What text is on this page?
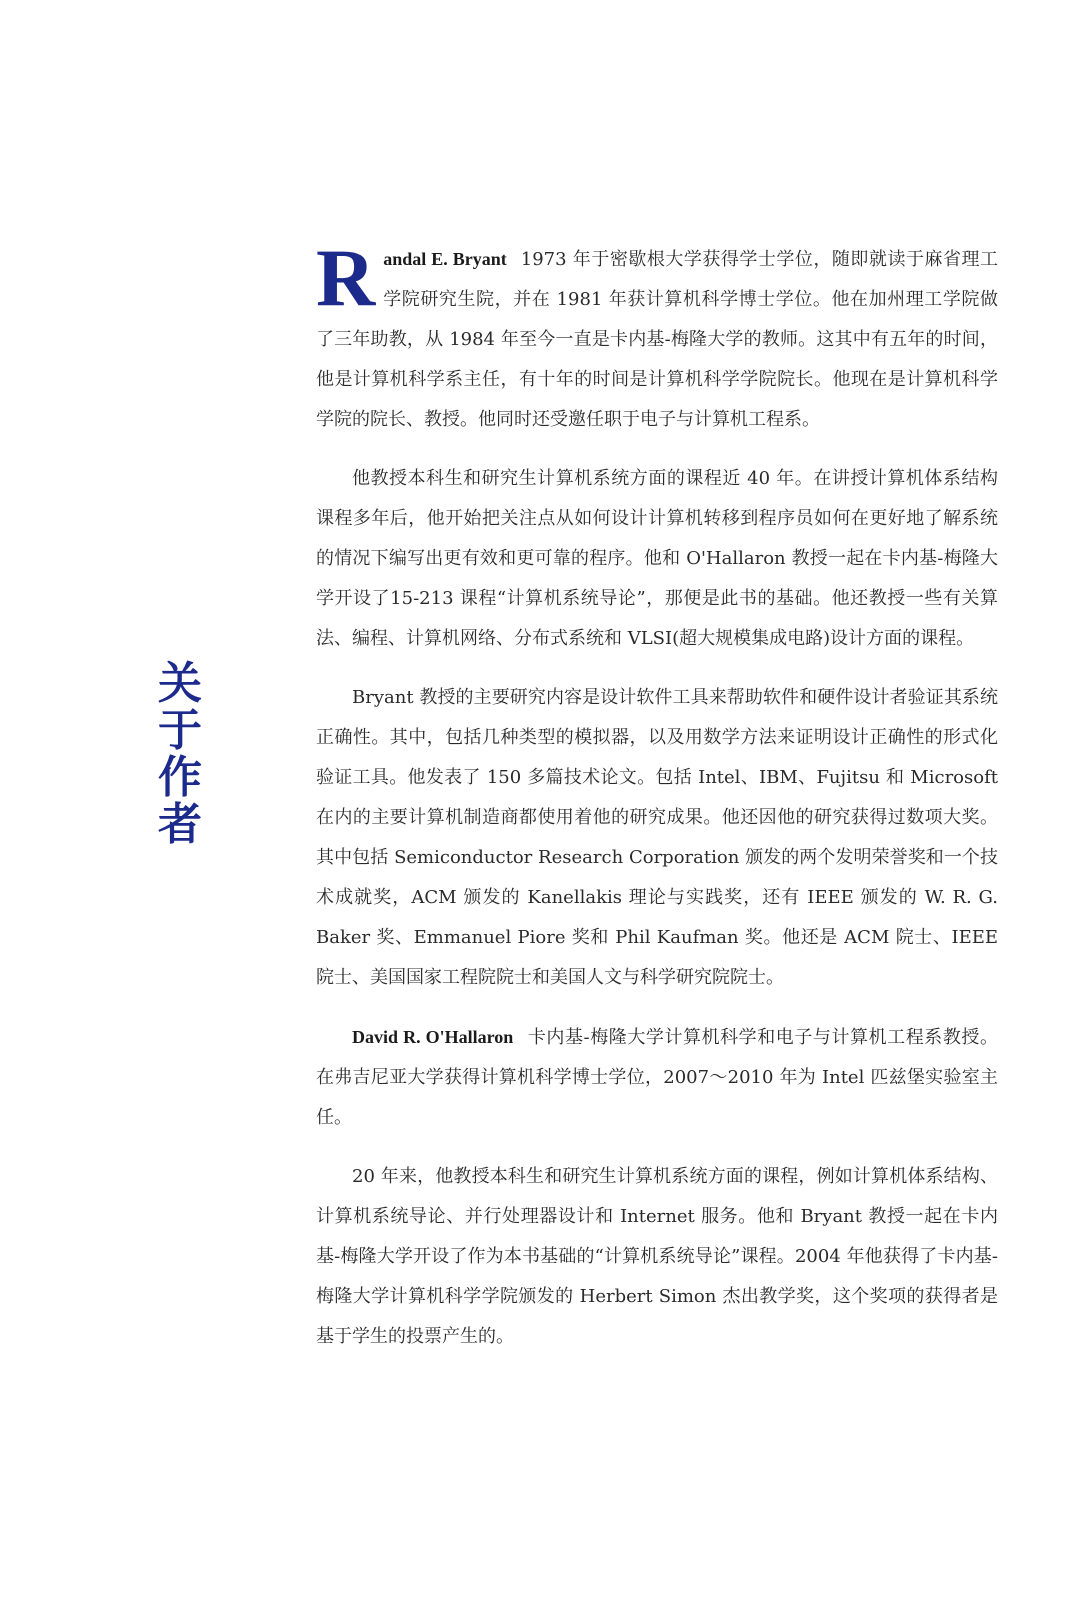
关
于
作
者

Randal E. Bryant 1973 年于密歇根大学获得学士学位，随即就读于麻省理工学院研究生院，并在 1981 年获计算机科学博士学位。他在加州理工学院做了三年助教，从 1984 年至今一直是卡内基-梅隆大学的教师。这其中有五年的时间，他是计算机科学系主任，有十年的时间是计算机科学学院院长。他现在是计算机科学学院的院长、教授。他同时还受邀任职于电子与计算机工程系。

他教授本科生和研究生计算机系统方面的课程近 40 年。在讲授计算机体系结构课程多年后，他开始把关注点从如何设计计算机转移到程序员如何在更好地了解系统的情况下编写出更有效和更可靠的程序。他和 O'Hallaron 教授一起在卡内基-梅隆大学开设了15-213 课程“计算机系统导论”，那便是此书的基础。他还教授一些有关算法、编程、计算机网络、分布式系统和 VLSI(超大规模集成电路)设计方面的课程。

Bryant 教授的主要研究内容是设计软件工具来帮助软件和硬件设计者验证其系统正确性。其中，包括几种类型的模拟器，以及用数学方法来证明设计正确性的形式化验证工具。他发表了 150 多篇技术论文。包括 Intel、IBM、Fujitsu 和 Microsoft 在内的主要计算机制造商都使用着他的研究成果。他还因他的研究获得过数项大奖。其中包括 Semiconductor Research Corporation 颁发的两个发明荣誉奖和一个技术成就奖，ACM 颁发的 Kanellakis 理论与实践奖，还有 IEEE 颁发的 W. R. G. Baker 奖、Emmanuel Piore 奖和 Phil Kaufman 奖。他还是 ACM 院士、IEEE 院士、美国国家工程院院士和美国人文与科学研究院院士。

David R. O'Hallaron 卡内基-梅隆大学计算机科学和电子与计算机工程系教授。在弗吉尼亚大学获得计算机科学博士学位，2007～2010 年为 Intel 匹兹堡实验室主任。

20 年来，他教授本科生和研究生计算机系统方面的课程，例如计算机体系结构、计算机系统导论、并行处理器设计和 Internet 服务。他和 Bryant 教授一起在卡内基-梅隆大学开设了作为本书基础的“计算机系统导论”课程。2004 年他获得了卡内基-梅隆大学计算机科学学院颁发的 Herbert Simon 杰出教学奖，这个奖项的获得者是基于学生的投票产生的。
